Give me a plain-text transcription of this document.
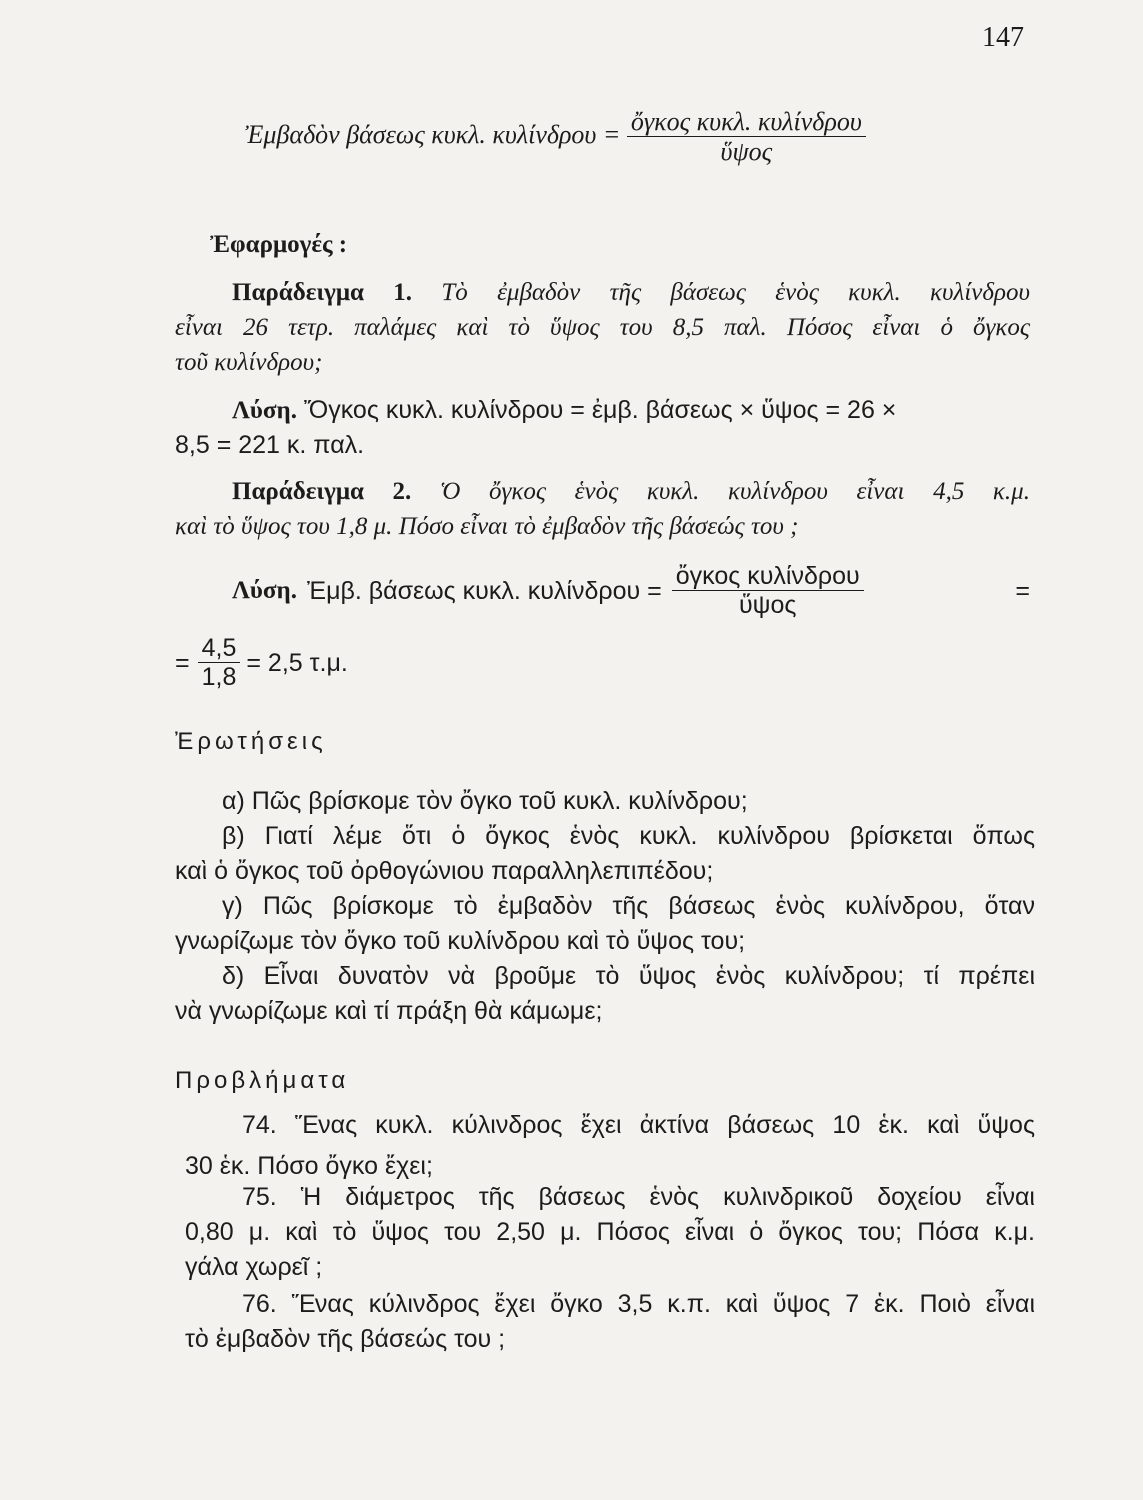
147
Ἐμβαδὸν βάσεως κυκλ. $\kappa\upsilon\lambda ί\nu\delta\rho o\upsilon = \frac{\text{ὄγκος κυκλ. κυλίνδρου}}{\text{ὕψος}}$
Ἐφαρμογές :
Παράδειγμα 1. Τὸ ἐμβαδὸν τῆς βάσεως ἑνὸς κυκλ. κυλίνδρου
εἶναι 26 τετρ. παλάμες καὶ τὸ ὕψος του 8,5 παλ. Πόσος εἶναι ὁ ὄγκος
τοῦ κυλίνδρου;
Λύση. Ὄγκος κυκλ. κυλίνδρου = ἐμβ. βάσεως × ὕψος = 26 ×
8,5 = 221 κ. παλ.
Παράδειγμα 2. Ὁ ὄγκος ἑνὸς κυκλ. κυλίνδρου εἶναι 4,5 κ.μ.
καὶ τὸ ὕψος του 1,8 μ. Πόσο εἶναι τὸ ἐμβαδὸν τῆς βάσεώς του ;
Λύση. Ἐμβ. βάσεως κυκλ. $\kappa\upsilon\lambda ί\nu\delta\rho o\upsilon = \frac{\text{ὄγκος κυλίνδρου}}{\text{ὕψος}}$	=
= $\frac{4,5}{1,8} = 2,5$ τ.μ.
Ἐρωτήσεις
α) Πῶς βρίσκομε τὸν ὄγκο τοῦ κυκλ. κυλίνδρου;
β) Γιατί λέμε ὅτι ὁ ὄγκος ἑνὸς κυκλ. κυλίνδρου βρίσκεται ὅπως
καὶ ὁ ὄγκος τοῦ ὀρθογώνιου παραλληλεπιπέδου;
γ) Πῶς βρίσκομε τὸ ἐμβαδὸν τῆς βάσεως ἑνὸς κυλίνδρου, ὅταν
γνωρίζωμε τὸν ὄγκο τοῦ κυλίνδρου καὶ τὸ ὕψος του;
δ) Εἶναι δυνατὸν νὰ βροῦμε τὸ ὕψος ἑνὸς κυλίνδρου; τί πρέπει
νὰ γνωρίζωμε καὶ τί πράξη θὰ κάμωμε;
Προβλήματα
74. Ἕνας κυκλ. κύλινδρος ἔχει ἀκτίνα βάσεως 10 ἑκ. καὶ ὕψος
30 ἑκ. Πόσο ὄγκο ἔχει;
75. Ἡ διάμετρος τῆς βάσεως ἑνὸς κυλινδρικοῦ δοχείου εἶναι
0,80 μ. καὶ τὸ ὕψος του 2,50 μ. Πόσος εἶναι ὁ ὄγκος του; Πόσα κ.μ.
γάλα χωρεῖ ;
76. Ἕνας κύλινδρος ἔχει ὄγκο 3,5 κ.π. καὶ ὕψος 7 ἑκ. Ποιὸ εἶναι
τὸ ἐμβαδὸν τῆς βάσεώς του ;
